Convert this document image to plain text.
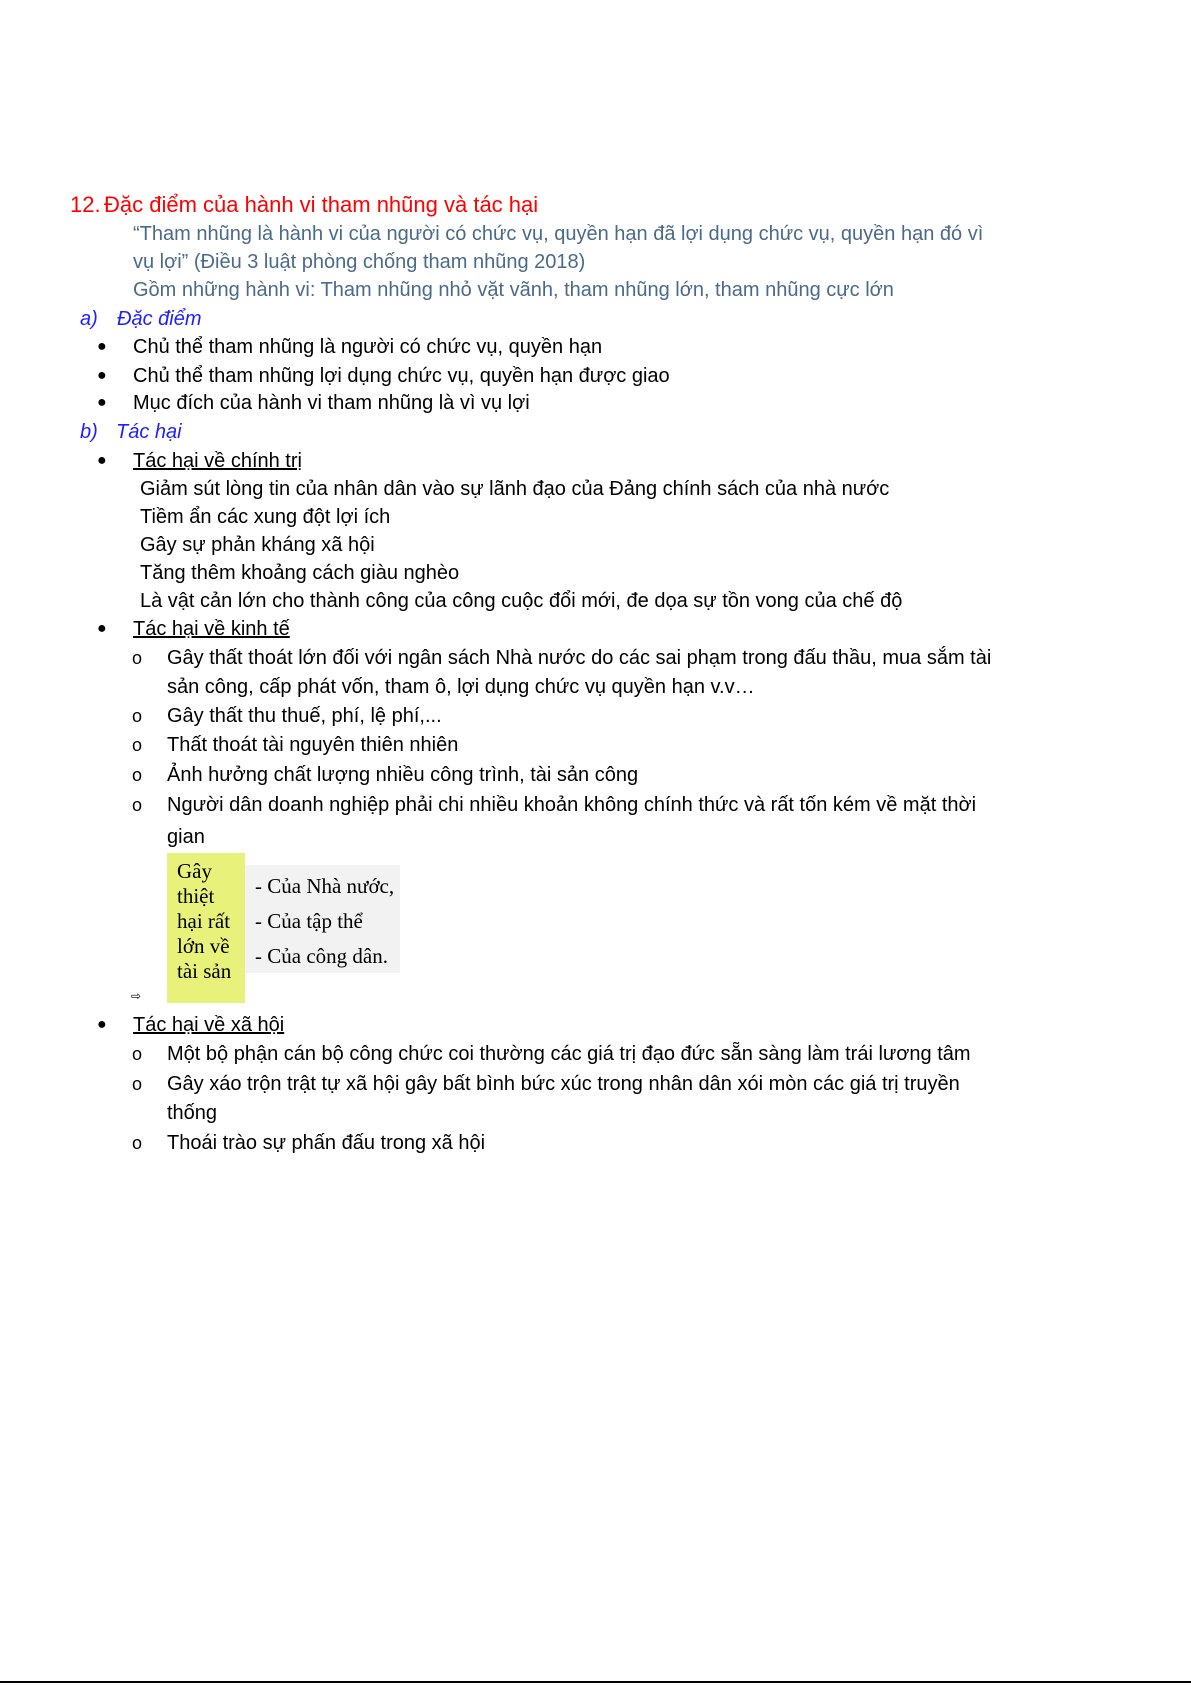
12. Đặc điểm của hành vi tham nhũng và tác hại
“Tham nhũng là hành vi của người có chức vụ, quyền hạn đã lợi dụng chức vụ, quyền hạn đó vì
vụ lợi” (Điều 3 luật phòng chống tham nhũng 2018)
Gồm những hành vi: Tham nhũng nhỏ vặt vãnh, tham nhũng lớn, tham nhũng cực lớn
a) Đặc điểm
● Chủ thể tham nhũng là người có chức vụ, quyền hạn
● Chủ thể tham nhũng lợi dụng chức vụ, quyền hạn được giao
● Mục đích của hành vi tham nhũng là vì vụ lợi
b) Tác hại
● Tác hại về chính trị
Giảm sút lòng tin của nhân dân vào sự lãnh đạo của Đảng chính sách của nhà nước
Tiềm ẩn các xung đột lợi ích
Gây sự phản kháng xã hội
Tăng thêm khoảng cách giàu nghèo
Là vật cản lớn cho thành công của công cuộc đổi mới, đe dọa sự tồn vong của chế độ
● Tác hại về kinh tế
o Gây thất thoát lớn đối với ngân sách Nhà nước do các sai phạm trong đấu thầu, mua sắm tài
sản công, cấp phát vốn, tham ô, lợi dụng chức vụ quyền hạn v.v…
o Gây thất thu thuế, phí, lệ phí,...
o Thất thoát tài nguyên thiên nhiên
o Ảnh hưởng chất lượng nhiều công trình, tài sản công
o Người dân doanh nghiệp phải chi nhiều khoản không chính thức và rất tốn kém về mặt thời
gian
Gây
thiệt
hại rất
lớn về
tài sản
- Của Nhà nước,
- Của tập thể
- Của công dân.
⇨
● Tác hại về xã hội
o Một bộ phận cán bộ công chức coi thường các giá trị đạo đức sẵn sàng làm trái lương tâm
o Gây xáo trộn trật tự xã hội gây bất bình bức xúc trong nhân dân xói mòn các giá trị truyền
thống
o Thoái trào sự phấn đấu trong xã hội
